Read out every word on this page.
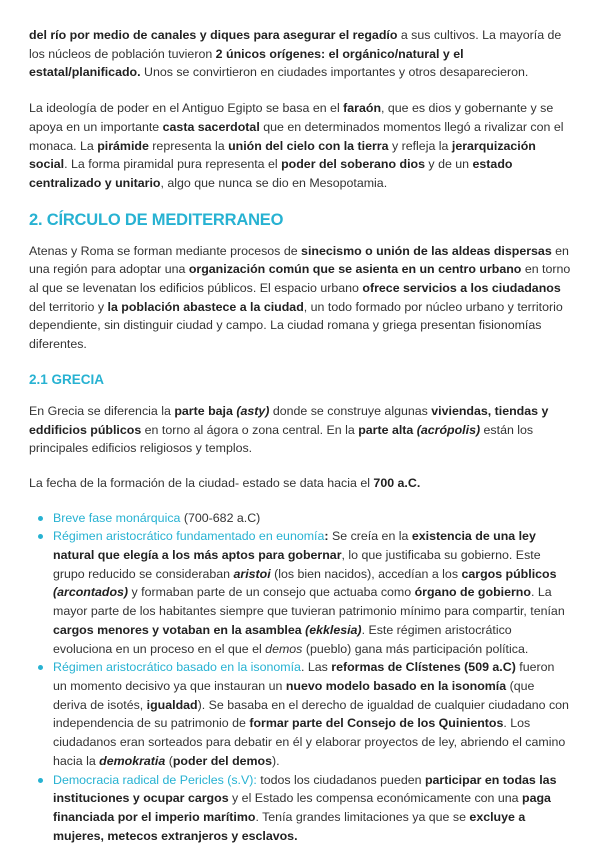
del río por medio de canales y diques para asegurar el regadío a sus cultivos. La mayoría de los núcleos de población tuvieron 2 únicos orígenes: el orgánico/natural y el estatal/planificado. Unos se convirtieron en ciudades importantes y otros desaparecieron.

La ideología de poder en el Antiguo Egipto se basa en el faraón, que es dios y gobernante y se apoya en un importante casta sacerdotal que en determinados momentos llegó a rivalizar con el monaca. La pirámide representa la unión del cielo con la tierra y refleja la jerarquización social. La forma piramidal pura representa el poder del soberano dios y de un estado centralizado y unitario, algo que nunca se dio en Mesopotamia.

2. CÍRCULO DE MEDITERRANEO

Atenas y Roma se forman mediante procesos de sinecismo o unión de las aldeas dispersas en una región para adoptar una organización común que se asienta en un centro urbano en torno al que se levenatan los edificios públicos. El espacio urbano ofrece servicios a los ciudadanos del territorio y la población abastece a la ciudad, un todo formado por núcleo urbano y territorio dependiente, sin distinguir ciudad y campo. La ciudad romana y griega presentan fisionomías diferentes.

2.1 GRECIA

En Grecia se diferencia la parte baja (asty) donde se construye algunas viviendas, tiendas y eddificios públicos en torno al ágora o zona central. En la parte alta (acrópolis) están los principales edificios religiosos y templos.

La fecha de la formación de la ciudad- estado se data hacia el 700 a.C.

Breve fase monárquica (700-682 a.C)
Régimen aristocrático fundamentado en eunomía: Se creía en la existencia de una ley natural que elegía a los más aptos para gobernar, lo que justificaba su gobierno. Este grupo reducido se consideraban aristoi (los bien nacidos), accedían a los cargos públicos (arcontados) y formaban parte de un consejo que actuaba como órgano de gobierno. La mayor parte de los habitantes siempre que tuvieran patrimonio mínimo para compartir, tenían cargos menores y votaban en la asamblea (ekklesia). Este régimen aristocrático evoluciona en un proceso en el que el demos (pueblo) gana más participación política.
Régimen aristocrático basado en la isonomía. Las reformas de Clístenes (509 a.C) fueron un momento decisivo ya que instauran un nuevo modelo basado en la isonomía (que deriva de isotés, igualdad). Se basaba en el derecho de igualdad de cualquier ciudadano con independencia de su patrimonio de formar parte del Consejo de los Quinientos. Los ciudadanos eran sorteados para debatir en él y elaborar proyectos de ley, abriendo el camino hacia la demokratia (poder del demos).
Democracia radical de Pericles (s.V): todos los ciudadanos pueden participar en todas las instituciones y ocupar cargos y el Estado les compensa económicamente con una paga financiada por el imperio marítimo. Tenía grandes limitaciones ya que se excluye a mujeres, metecos extranjeros y esclavos.
